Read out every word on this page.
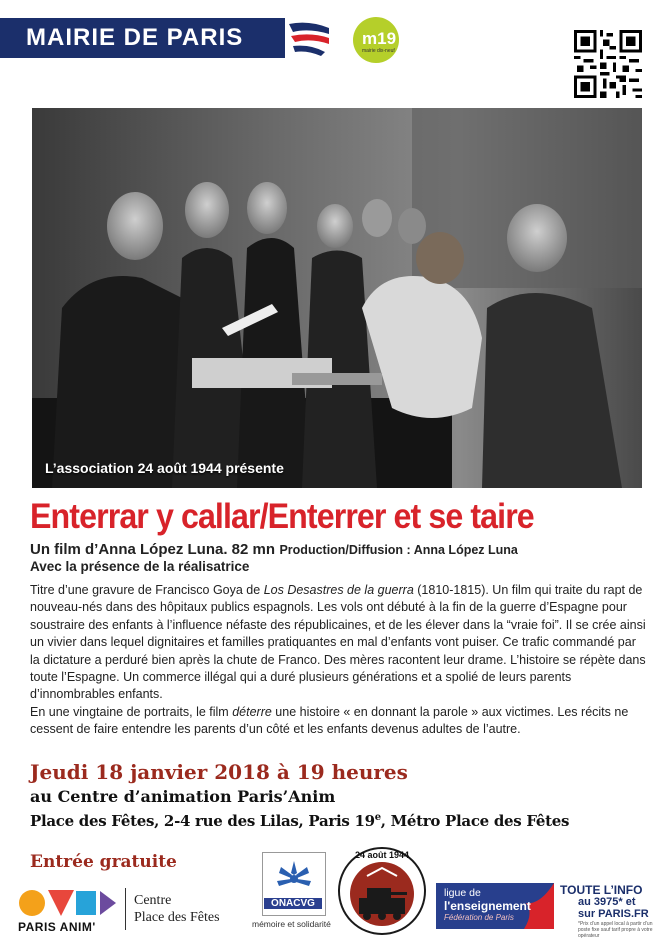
MAIRIE DE PARIS	m19
mairie dix-neuf
L’association 24 août 1944 présente
Enterrar y callar/Enterrer et se taire
Un film d’Anna López Luna. 82 mn Production/Diffusion : Anna López Luna
Avec la présence de la réalisatrice

Titre d’une gravure de Francisco Goya de Los Desastres de la guerra (1810-1815). Un film qui traite du rapt de nouveau-nés dans des hôpitaux publics espagnols. Les vols ont débuté à la fin de la guerre d’Espagne pour soustraire des enfants à l’influence néfaste des républicaines, et de les élever dans la “vraie foi”. Il se crée ainsi un vivier dans lequel dignitaires et familles pratiquantes en mal d’enfants vont puiser. Ce trafic commandé par la dictature a perduré bien après la chute de Franco. Des mères racontent leur drame. L’histoire se répète dans toute l’Espagne. Un commerce illégal qui a duré plusieurs générations et a spolié de leurs parents d’innombrables enfants.

En une vingtaine de portraits, le film déterre une histoire « en donnant la parole » aux victimes. Les récits ne cessent de faire entendre les parents d’un côté et les enfants devenus adultes de l’autre.

Jeudi 18 janvier 2018 à 19 heures
au Centre d’animation Paris’Anim
Place des Fêtes, 2-4 rue des Lilas, Paris 19e, Métro Place des Fêtes
Entrée gratuite
PARIS ANIM'
Centre
Place des Fêtes
ONACVG
mémoire et solidarité
24 août 1944
ligue de
l'enseignement
Fédération de Paris
TOUTE L’INFO
au 3975* et
sur PARIS.FR
*Prix d’un appel local à partir d’un poste fixe sauf tarif propre à votre opérateur
